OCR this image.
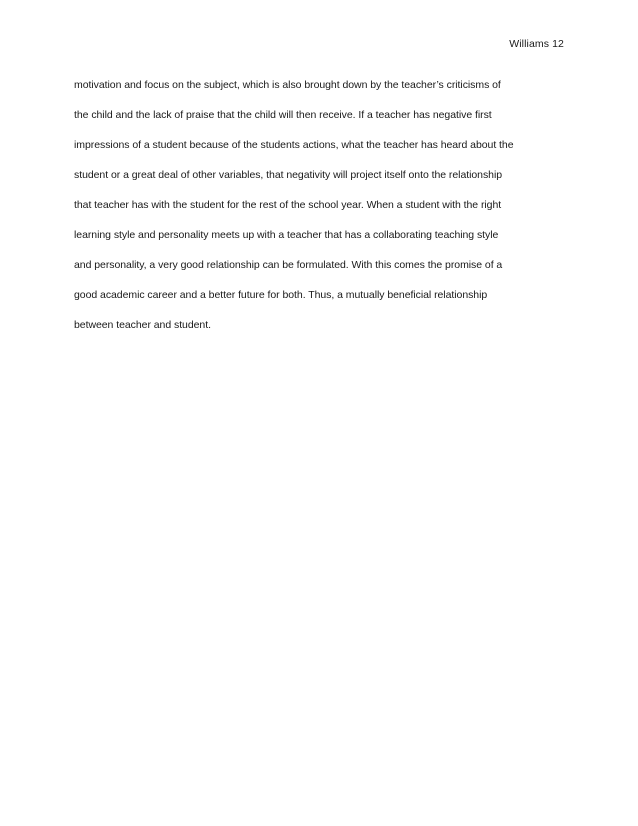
Williams 12
motivation and focus on the subject, which is also brought down by the teacher’s criticisms of
the child and the lack of praise that the child will then receive. If a teacher has negative first
impressions of a student because of the students actions, what the teacher has heard about the
student or a great deal of other variables, that negativity will project itself onto the relationship
that teacher has with the student for the rest of the school year. When a student with the right
learning style and personality meets up with a teacher that has a collaborating teaching style
and personality, a very good relationship can be formulated. With this comes the promise of a
good academic career and a better future for both. Thus, a mutually beneficial relationship
between teacher and student.
